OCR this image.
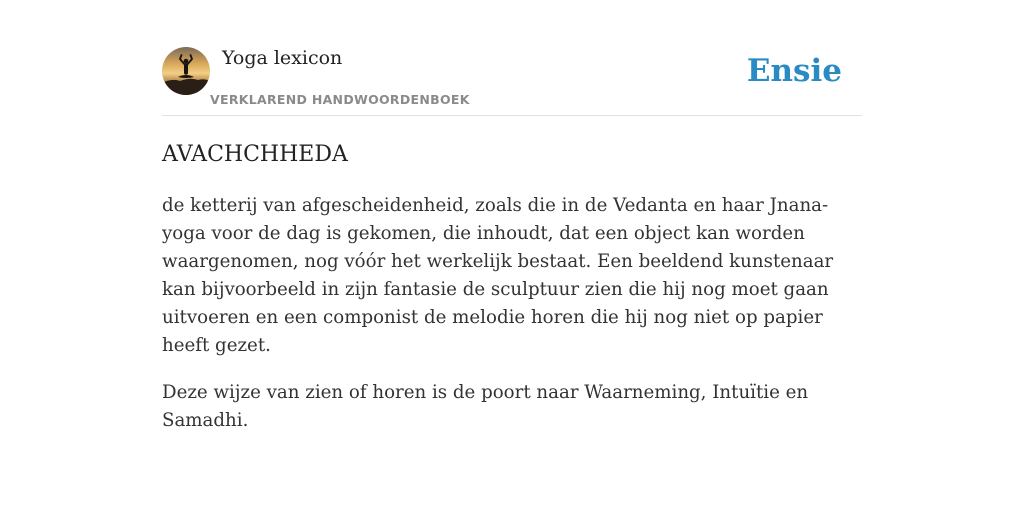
Yoga lexicon
VERKLAREND HANDWOORDENBOEK
Ensie
AVACHCHHEDA

de ketterij van afgescheidenheid, zoals die in de Vedanta en haar Jnana-yoga voor de dag is gekomen, die inhoudt, dat een object kan worden waargenomen, nog vóór het werkelijk bestaat. Een beeldend kunstenaar kan bijvoorbeeld in zijn fantasie de sculptuur zien die hij nog moet gaan uitvoeren en een componist de melodie horen die hij nog niet op papier heeft gezet.

Deze wijze van zien of horen is de poort naar Waarneming, Intuïtie en Samadhi.
